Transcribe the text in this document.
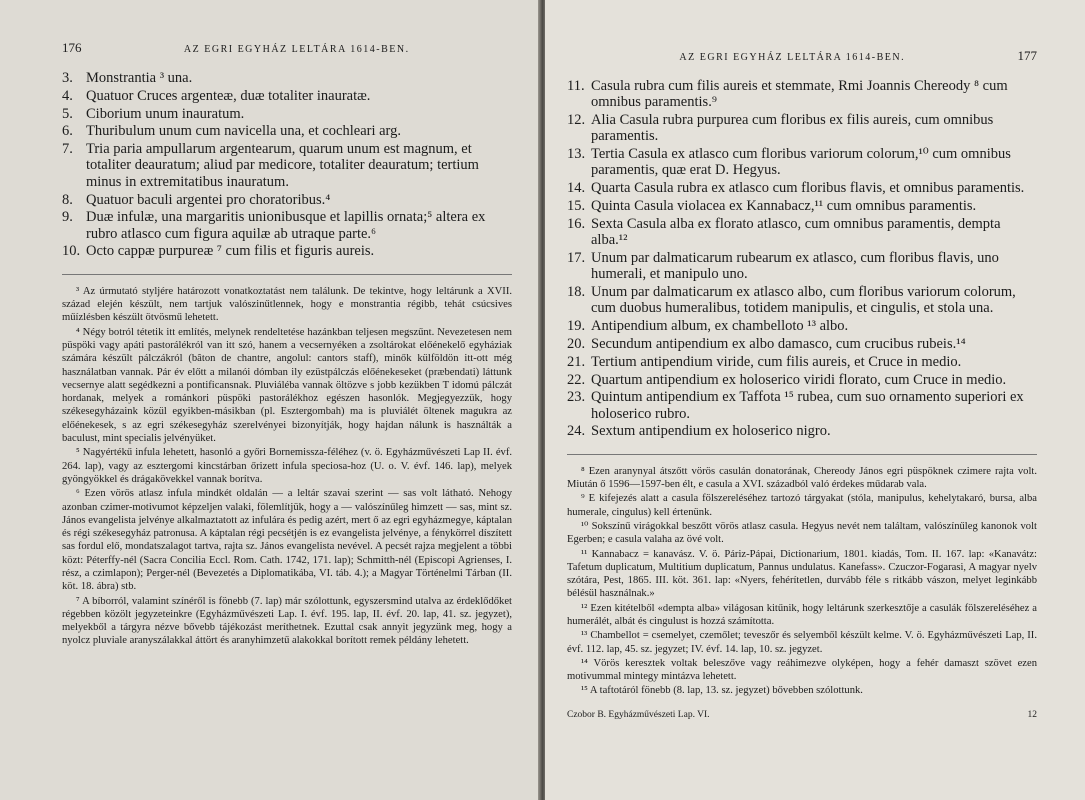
176	AZ EGRI EGYHÁZ LELTÁRA 1614-BEN.
3. Monstrantia ³ una.
4. Quatuor Cruces argenteæ, duæ totaliter inauratæ.
5. Ciborium unum inauratum.
6. Thuribulum unum cum navicella una, et cochleari arg.
7. Tria paria ampullarum argentearum, quarum unum est magnum, et totaliter deauratum; aliud par medicore, totaliter deauratum; tertium minus in extremitatibus inauratum.
8. Quatuor baculi argentei pro choratoribus.⁴
9. Duæ infulæ, una margaritis unionibusque et lapillis ornata;⁵ altera ex rubro atlasco cum figura aquilæ ab utraque parte.⁶
10. Octo cappæ purpureæ ⁷ cum filis et figuris aureis.

³ Az úrmutató styljére határozott vonatkoztatást nem találunk. De tekintve, hogy leltárunk a XVII. század elején készült, nem tartjuk valószinűtlennek, hogy e monstrantia régibb, tehát csúcsives műízlésben készült ötvösmű lehetett.

⁴ Négy botról tétetik itt említés, melynek rendeltetése hazánkban teljesen megszűnt. Nevezetesen nem püspöki vagy apáti pastorálékról van itt szó, hanem a vecsernyéken a zsoltárokat előénekelő egyháziak számára készült pálczákról (bâton de chantre, angolul: cantors staff), minők külföldön itt-ott még használatban vannak. Pár év előtt a milanói dómban ily ezüstpálczás előénekeseket (præbendati) láttunk vecsernye alatt segédkezni a pontificansnak. Pluviáléba vannak öltözve s jobb kezükben T idomú pálczát hordanak, melyek a románkori püspöki pastorálékhoz egészen hasonlók. Megjegyezzük, hogy székesegyházaink közül egyikben-másikban (pl. Esztergombah) ma is pluviálét öltenek magukra az előénekesek, s az egri székesegyház szerelvényei bizonyítják, hogy hajdan nálunk is használták a baculust, mint specialis jelvényüket.

⁵ Nagyértékű infula lehetett, hasonló a győri Bornemissza-féléhez (v. ö. Egyházművészeti Lap II. évf. 264. lap), vagy az esztergomi kincstárban őrizett infula speciosa-hoz (U. o. V. évf. 146. lap), melyek gyöngyökkel és drágakövekkel vannak borítva.

⁶ Ezen vörös atlasz infula mindkét oldalán — a leltár szavai szerint — sas volt látható. Nehogy azonban czimer-motivumot képzeljen valaki, fölemlítjük, hogy a — valószínűleg himzett — sas, mint sz. János evangelista jelvénye alkalmaztatott az infulára és pedig azért, mert ő az egri egyházmegye, káptalan és régi székesegyház patronusa. A káptalan régi pecsétjén is ez evangelista jelvénye, a fénykörrel díszített sas fordul elő, mondatszalagot tartva, rajta sz. János evangelista nevével. A pecsét rajza megjelent a többi közt: Péterffy-nél (Sacra Concilia Eccl. Rom. Cath. 1742, 171. lap); Schmitth-nél (Episcopi Agrienses, I. rész, a czimlapon); Perger-nél (Bevezetés a Diplomatikába, VI. táb. 4.); a Magyar Történelmi Tárban (II. köt. 18. ábra) stb.

⁷ A bíborról, valamint színéről is fönebb (7. lap) már szólottunk, egyszersmind utalva az érdeklődőket régebben közölt jegyzeteinkre (Egyházművészeti Lap. I. évf. 195. lap, II. évf. 20. lap, 41. sz. jegyzet), melyekből a tárgyra nézve bővebb tájékozást meríthetnek. Ezuttal csak annyit jegyzünk meg, hogy a nyolcz pluviale aranyszálakkal áttört és aranyhimzetű alakokkal borított remek példány lehetett.

AZ EGRI EGYHÁZ LELTÁRA 1614-BEN.	177
11. Casula rubra cum filis aureis et stemmate, Rmi Joannis Chereody ⁸ cum omnibus paramentis.⁹
12. Alia Casula rubra purpurea cum floribus ex filis aureis, cum omnibus paramentis.
13. Tertia Casula ex atlasco cum floribus variorum colorum,¹⁰ cum omnibus paramentis, quæ erat D. Hegyus.
14. Quarta Casula rubra ex atlasco cum floribus flavis, et omnibus paramentis.
15. Quinta Casula violacea ex Kannabacz,¹¹ cum omnibus paramentis.
16. Sexta Casula alba ex florato atlasco, cum omnibus paramentis, dempta alba.¹²
17. Unum par dalmaticarum rubearum ex atlasco, cum floribus flavis, uno humerali, et manipulo uno.
18. Unum par dalmaticarum ex atlasco albo, cum floribus variorum colorum, cum duobus humeralibus, totidem manipulis, et cingulis, et stola una.
19. Antipendium album, ex chambelloto ¹³ albo.
20. Secundum antipendium ex albo damasco, cum crucibus rubeis.¹⁴
21. Tertium antipendium viride, cum filis aureis, et Cruce in medio.
22. Quartum antipendium ex holoserico viridi florato, cum Cruce in medio.
23. Quintum antipendium ex Taffota ¹⁵ rubea, cum suo ornamento superiori ex holoserico rubro.
24. Sextum antipendium ex holoserico nigro.

⁸ Ezen aranynyal átszőtt vörös casulán donatorának, Chereody János egri püspöknek czimere rajta volt. Miután ő 1596—1597-ben élt, e casula a XVI. századból való érdekes műdarab vala.

⁹ E kifejezés alatt a casula fölszereléséhez tartozó tárgyakat (stóla, manipulus, kehelytakaró, bursa, alba humerale, cingulus) kell értenünk.

¹⁰ Sokszínű virágokkal beszőtt vörös atlasz casula. Hegyus nevét nem találtam, valószínűleg kanonok volt Egerben; e casula valaha az övé volt.

¹¹ Kannabacz = kanavász. V. ö. Páriz-Pápai, Dictionarium, 1801. kiadás, Tom. II. 167. lap: «Kanavátz: Tafetum duplicatum, Multitium duplicatum, Pannus undulatus. Kanefass». Czuczor-Fogarasi, A magyar nyelv szótára, Pest, 1865. III. köt. 361. lap: «Nyers, fehérítetlen, durvább féle s ritkább vászon, melyet leginkább bélésül használnak.»

¹² Ezen kitételből «dempta alba» világosan kitűnik, hogy leltárunk szerkesztője a casulák fölszereléséhez a humerálét, albát és cingulust is hozzá számította.

¹³ Chambellot = csemelyet, czemőlet; teveszőr és selyemből készült kelme. V. ö. Egyházművészeti Lap, II. évf. 112. lap, 45. sz. jegyzet; IV. évf. 14. lap, 10. sz. jegyzet.

¹⁴ Vörös keresztek voltak beleszőve vagy reáhimezve olyképen, hogy a fehér damaszt szövet ezen motivummal mintegy mintázva lehetett.

¹⁵ A taftotáról fönebb (8. lap, 13. sz. jegyzet) bővebben szólottunk.

Czobor B. Egyházművészeti Lap. VI.	12
